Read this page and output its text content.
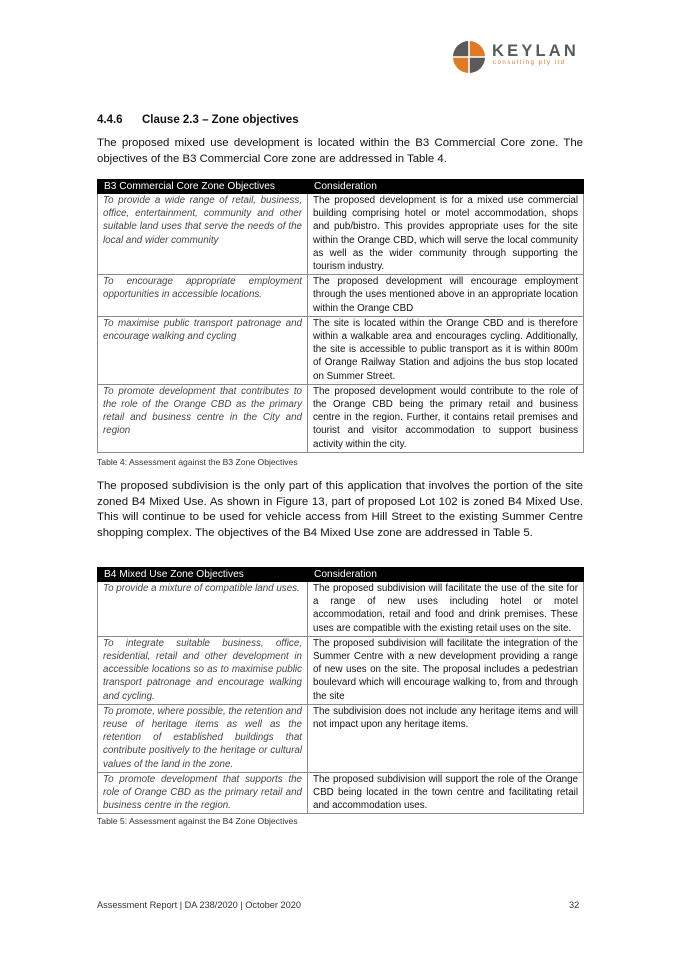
KEYLAN
consulting pty ltd
4.4.6 Clause 2.3 – Zone objectives

The proposed mixed use development is located within the B3 Commercial Core zone. The objectives of the B3 Commercial Core zone are addressed in Table 4.

B3 Commercial Core Zone Objectives	Consideration
To provide a wide range of retail, business, office, entertainment, community and other suitable land uses that serve the needs of the local and wider community	The proposed development is for a mixed use commercial building comprising hotel or motel accommodation, shops and pub/bistro. This provides appropriate uses for the site within the Orange CBD, which will serve the local community as well as the wider community through supporting the tourism industry.
To encourage appropriate employment opportunities in accessible locations.	The proposed development will encourage employment through the uses mentioned above in an appropriate location within the Orange CBD
To maximise public transport patronage and encourage walking and cycling	The site is located within the Orange CBD and is therefore within a walkable area and encourages cycling. Additionally, the site is accessible to public transport as it is within 800m of Orange Railway Station and adjoins the bus stop located on Summer Street.
To promote development that contributes to the role of the Orange CBD as the primary retail and business centre in the City and region	The proposed development would contribute to the role of the Orange CBD being the primary retail and business centre in the region. Further, it contains retail premises and tourist and visitor accommodation to support business activity within the city.
Table 4: Assessment against the B3 Zone Objectives

The proposed subdivision is the only part of this application that involves the portion of the site zoned B4 Mixed Use. As shown in Figure 13, part of proposed Lot 102 is zoned B4 Mixed Use. This will continue to be used for vehicle access from Hill Street to the existing Summer Centre shopping complex. The objectives of the B4 Mixed Use zone are addressed in Table 5.

B4 Mixed Use Zone Objectives	Consideration
To provide a mixture of compatible land uses.	The proposed subdivision will facilitate the use of the site for a range of new uses including hotel or motel accommodation, retail and food and drink premises. These uses are compatible with the existing retail uses on the site.
To integrate suitable business, office, residential, retail and other development in accessible locations so as to maximise public transport patronage and encourage walking and cycling.	The proposed subdivision will facilitate the integration of the Summer Centre with a new development providing a range of new uses on the site. The proposal includes a pedestrian boulevard which will encourage walking to, from and through the site
To promote, where possible, the retention and reuse of heritage items as well as the retention of established buildings that contribute positively to the heritage or cultural values of the land in the zone.	The subdivision does not include any heritage items and will not impact upon any heritage items.
To promote development that supports the role of Orange CBD as the primary retail and business centre in the region.	The proposed subdivision will support the role of the Orange CBD being located in the town centre and facilitating retail and accommodation uses.
Table 5: Assessment against the B4 Zone Objectives
Assessment Report | DA 238/2020 | October 2020	32
